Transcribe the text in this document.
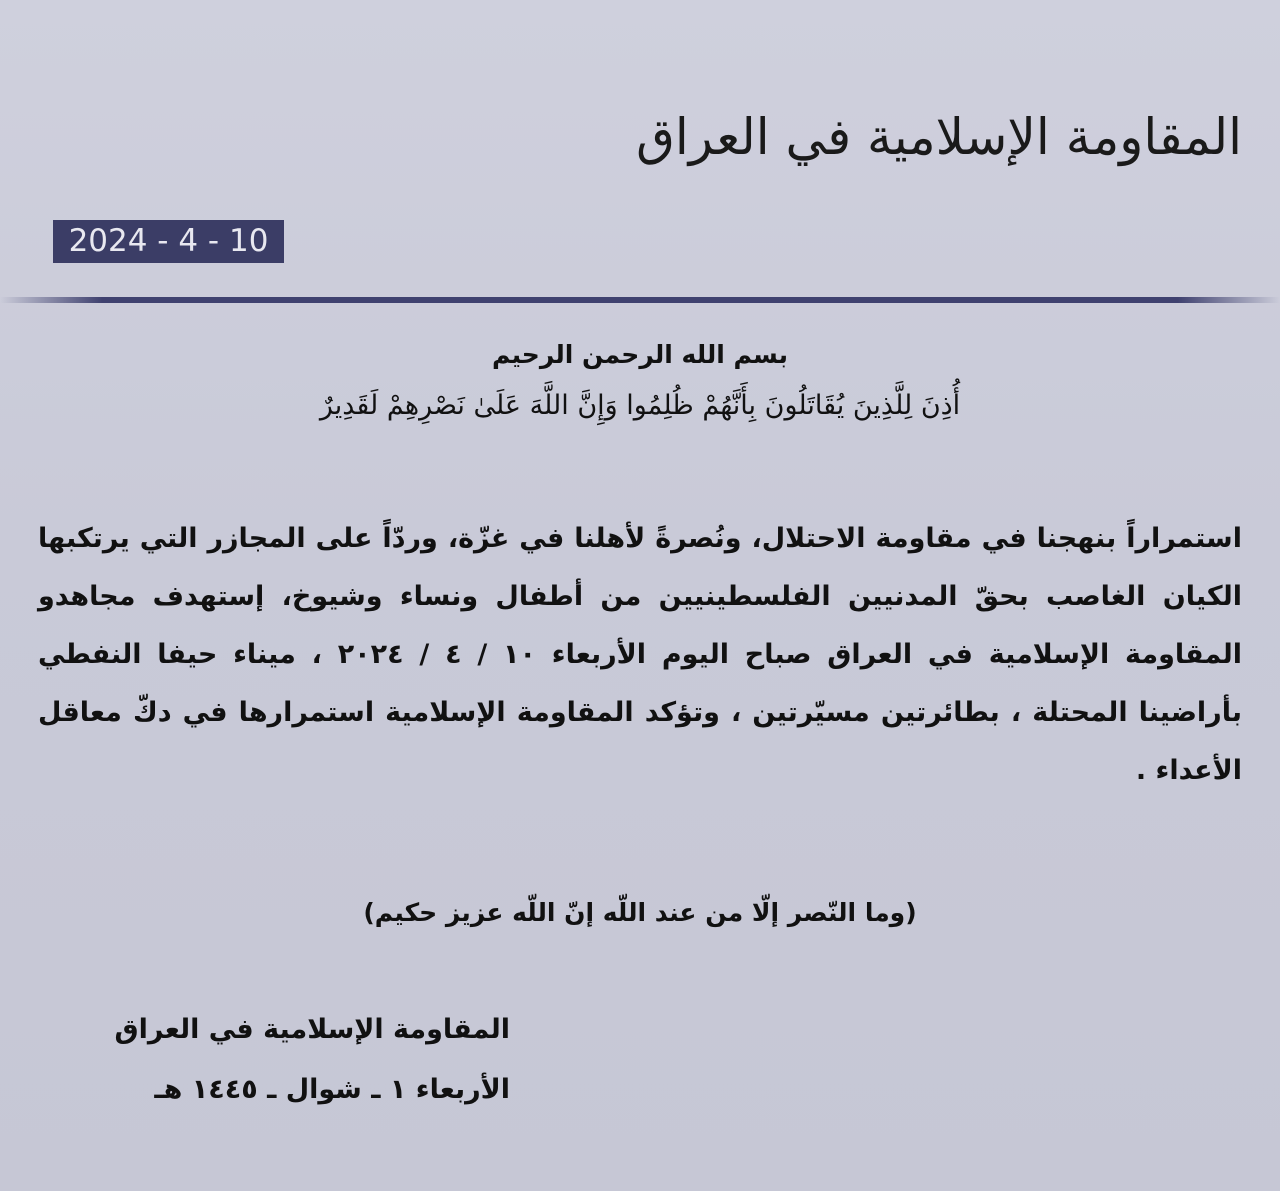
المقاومة الإسلامية في العراق
2024 - 4 - 10
بسم الله الرحمن الرحيم
أُذِنَ لِلَّذِينَ يُقَاتَلُونَ بِأَنَّهُمْ ظُلِمُوا وَإِنَّ اللَّهَ عَلَىٰ نَصْرِهِمْ لَقَدِيرٌ
استمراراً بنهجنا في مقاومة الاحتلال، ونُصرةً لأهلنا في غزّة، وردّاً على المجازر التي يرتكبها الكيان الغاصب بحقّ المدنيين الفلسطينيين من أطفال ونساء وشيوخ، إستهدف مجاهدو المقاومة الإسلامية في العراق صباح اليوم الأربعاء ١٠ / ٤ / ٢٠٢٤ ، ميناء حيفا النفطي بأراضينا المحتلة ، بطائرتين مسيّرتين ، وتؤكد المقاومة الإسلامية استمرارها في دكّ معاقل الأعداء .
(وما النّصر إلّا من عند اللّه إنّ اللّه عزيز حكيم)
المقاومة الإسلامية في العراق
الأربعاء ١ ـ شوال ـ ١٤٤٥ هـ
